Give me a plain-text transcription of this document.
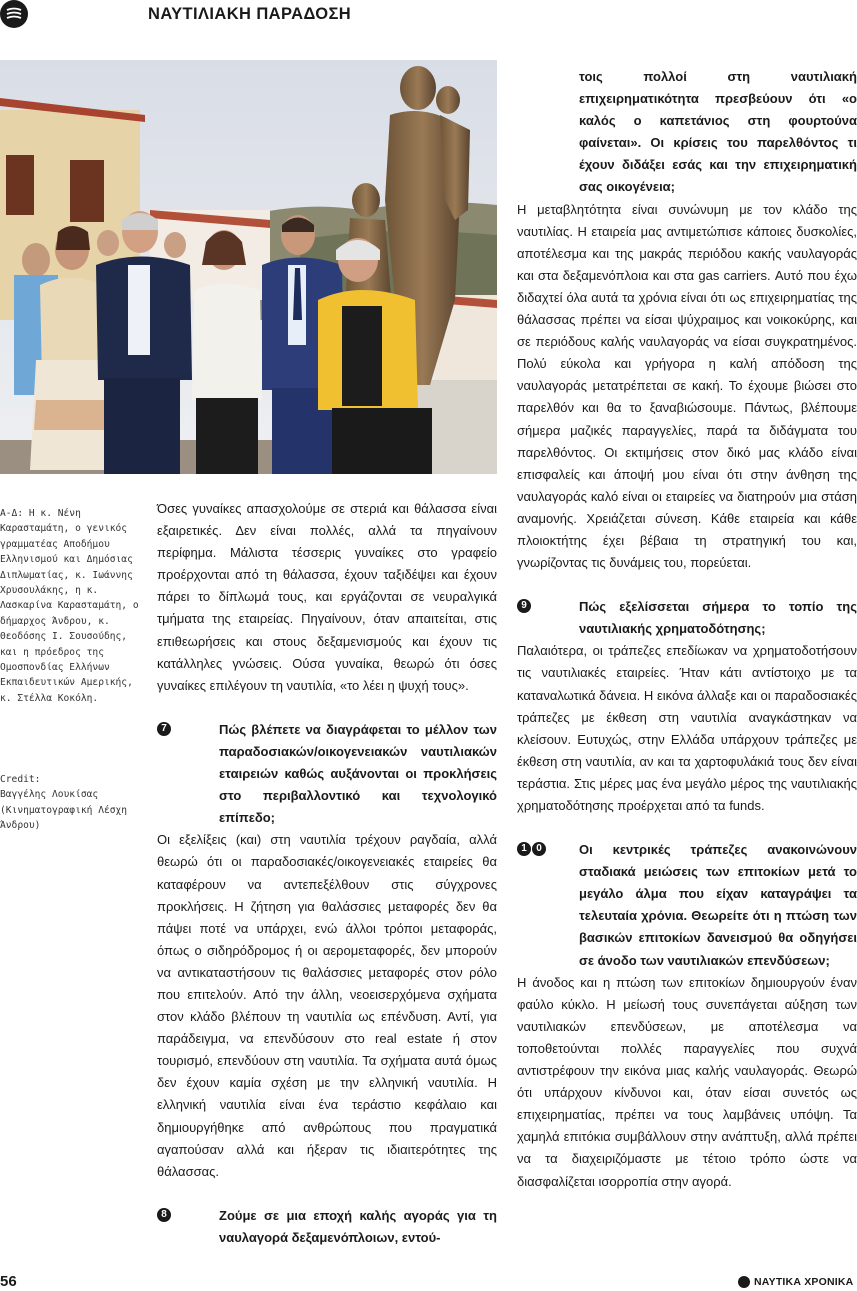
ΝΑΥΤΙΛΙΑΚΗ ΠΑΡΑΔΟΣΗ
Α-Δ: Η κ. Νένη Καρασταμάτη, ο γενικός γραμματέας Αποδήμου Ελληνισμού και Δημόσιας Διπλωματίας, κ. Ιωάννης Χρυσουλάκης, η κ. Λασκαρίνα Καρασταμάτη, ο δήμαρχος Άνδρου, κ. Θεοδόσης Ι. Σουσούδης, και η πρόεδρος της Ομοσπονδίας Ελλήνων Εκπαιδευτικών Αμερικής, κ. Στέλλα Κοκόλη.
Credit:
Βαγγέλης Λουκίσας (Κινηματογραφική Λέσχη Άνδρου)

Όσες γυναίκες απασχολούμε σε στεριά και θάλασσα είναι εξαιρετικές. Δεν είναι πολλές, αλλά τα πηγαίνουν περίφημα. Μάλιστα τέσσερις γυναίκες στο γραφείο προέρχονται από τη θάλασσα, έχουν ταξιδέψει και έχουν πάρει το δίπλωμά τους, και εργάζονται σε νευραλγικά τμήματα της εταιρείας. Πηγαίνουν, όταν απαιτείται, στις επιθεωρήσεις και στους δεξαμενισμούς και έχουν τις κατάλληλες γνώσεις. Ούσα γυναίκα, θεωρώ ότι όσες γυναίκες επιλέγουν τη ναυτιλία, «το λέει η ψυχή τους».

7	Πώς βλέπετε να διαγράφεται το μέλλον των παραδοσιακών/οικογενειακών ναυτιλιακών εταιρειών καθώς αυξάνονται οι προκλήσεις στο περιβαλλοντικό και τεχνολογικό επίπεδο;

Οι εξελίξεις (και) στη ναυτιλία τρέχουν ραγδαία, αλλά θεωρώ ότι οι παραδοσιακές/οικογενειακές εταιρείες θα καταφέρουν να αντεπεξέλθουν στις σύγχρονες προκλήσεις. Η ζήτηση για θαλάσσιες μεταφορές δεν θα πάψει ποτέ να υπάρχει, ενώ άλλοι τρόποι μεταφοράς, όπως ο σιδηρόδρομος ή οι αερομεταφορές, δεν μπορούν να αντικαταστήσουν τις θαλάσσιες μεταφορές στον ρόλο που επιτελούν. Από την άλλη, νεοεισερχόμενα σχήματα στον κλάδο βλέπουν τη ναυτιλία ως επένδυση. Αντί, για παράδειγμα, να επενδύσουν στο real estate ή στον τουρισμό, επενδύουν στη ναυτιλία. Τα σχήματα αυτά όμως δεν έχουν καμία σχέση με την ελληνική ναυτιλία. Η ελληνική ναυτιλία είναι ένα τεράστιο κεφάλαιο και δημιουργήθηκε από ανθρώπους που πραγματικά αγαπούσαν αλλά και ήξεραν τις ιδιαιτερότητες της θάλασσας.

8	Ζούμε σε μια εποχή καλής αγοράς για τη ναυλαγορά δεξαμενόπλοιων, εντού-

τοις πολλοί στη ναυτιλιακή επιχειρηματικότητα πρεσβεύουν ότι «ο καλός ο καπετάνιος στη φουρτούνα φαίνεται». Οι κρίσεις του παρελθόντος τι έχουν διδάξει εσάς και την επιχειρηματική σας οικογένεια;

Η μεταβλητότητα είναι συνώνυμη με τον κλάδο της ναυτιλίας. Η εταιρεία μας αντιμετώπισε κάποιες δυσκολίες, αποτέλεσμα και της μακράς περιόδου κακής ναυλαγοράς και στα δεξαμενόπλοια και στα gas carriers. Αυτό που έχω διδαχτεί όλα αυτά τα χρόνια είναι ότι ως επιχειρηματίας της θάλασσας πρέπει να είσαι ψύχραιμος και νοικοκύρης, και σε περιόδους καλής ναυλαγοράς να είσαι συγκρατημένος. Πολύ εύκολα και γρήγορα η καλή απόδοση της ναυλαγοράς μετατρέπεται σε κακή. Το έχουμε βιώσει στο παρελθόν και θα το ξαναβιώσουμε. Πάντως, βλέπουμε σήμερα μαζικές παραγγελίες, παρά τα διδάγματα του παρελθόντος. Οι εκτιμήσεις στον δικό μας κλάδο είναι επισφαλείς και άποψή μου είναι ότι στην άνθηση της ναυλαγοράς καλό είναι οι εταιρείες να διατηρούν μια στάση αναμονής. Χρειάζεται σύνεση. Κάθε εταιρεία και κάθε πλοιοκτήτης έχει βέβαια τη στρατηγική του και, γνωρίζοντας τις δυνάμεις του, πορεύεται.

9	Πώς εξελίσσεται σήμερα το τοπίο της ναυτιλιακής χρηματοδότησης;

Παλαιότερα, οι τράπεζες επεδίωκαν να χρηματοδοτήσουν τις ναυτιλιακές εταιρείες. Ήταν κάτι αντίστοιχο με τα καταναλωτικά δάνεια. Η εικόνα άλλαξε και οι παραδοσιακές τράπεζες με έκθεση στη ναυτιλία αναγκάστηκαν να κλείσουν. Ευτυχώς, στην Ελλάδα υπάρχουν τράπεζες με έκθεση στη ναυτιλία, αν και τα χαρτοφυλάκιά τους δεν είναι τεράστια. Στις μέρες μας ένα μεγάλο μέρος της ναυτιλιακής χρηματοδότησης προέρχεται από τα funds.

1 0	Οι κεντρικές τράπεζες ανακοινώνουν σταδιακά μειώσεις των επιτοκίων μετά το μεγάλο άλμα που είχαν καταγράψει τα τελευταία χρόνια. Θεωρείτε ότι η πτώση των βασικών επιτοκίων δανεισμού θα οδηγήσει σε άνοδο των ναυτιλιακών επενδύσεων;

Η άνοδος και η πτώση των επιτοκίων δημιουργούν έναν φαύλο κύκλο. Η μείωσή τους συνεπάγεται αύξηση των ναυτιλιακών επενδύσεων, με αποτέλεσμα να τοποθετούνται πολλές παραγγελίες που συχνά αντιστρέφουν την εικόνα μιας καλής ναυλαγοράς. Θεωρώ ότι υπάρχουν κίνδυνοι και, όταν είσαι συνετός ως επιχειρηματίας, πρέπει να τους λαμβάνεις υπόψη. Τα χαμηλά επιτόκια συμβάλλουν στην ανάπτυξη, αλλά πρέπει να τα διαχειριζόμαστε με τέτοιο τρόπο ώστε να διασφαλίζεται ισορροπία στην αγορά.

56	ΝΑΥΤΙΚΑ ΧΡΟΝΙΚΑ
